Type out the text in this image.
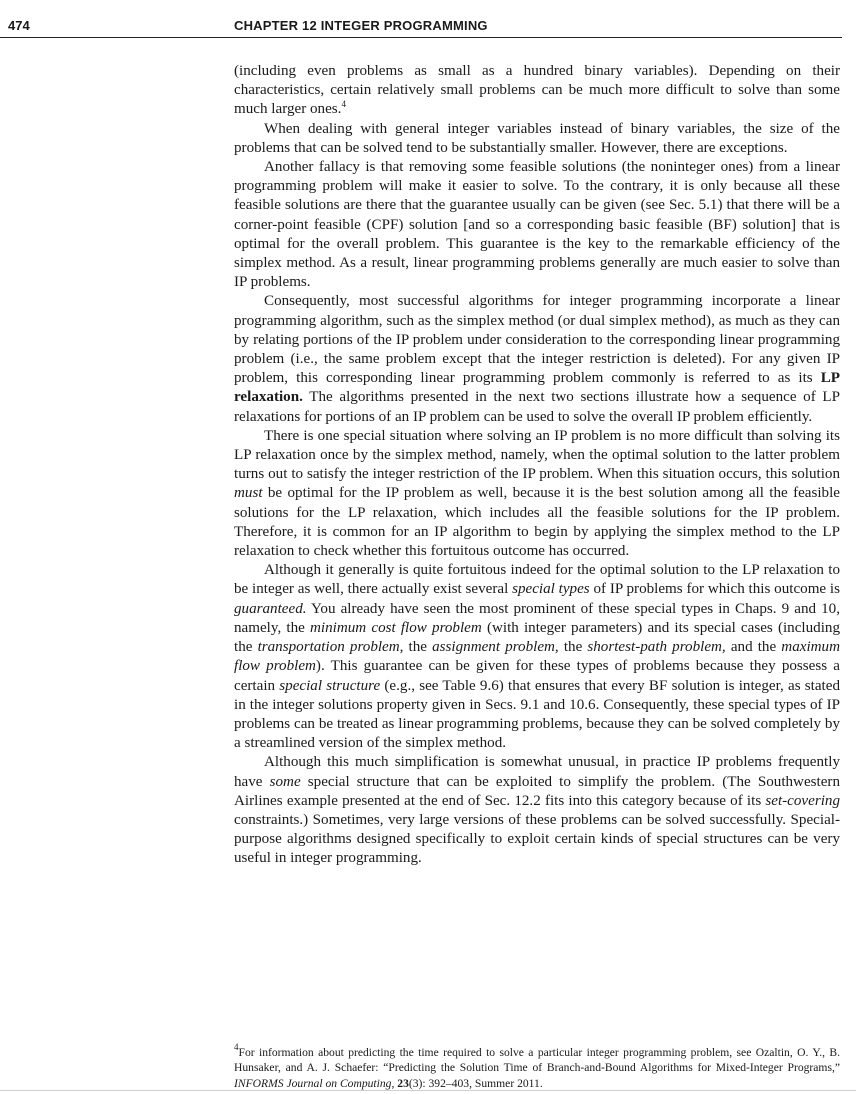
474	CHAPTER 12 INTEGER PROGRAMMING

(including even problems as small as a hundred binary variables). Depending on their characteristics, certain relatively small problems can be much more difficult to solve than some much larger ones.$^4$

When dealing with general integer variables instead of binary variables, the size of the problems that can be solved tend to be substantially smaller. However, there are exceptions.

Another fallacy is that removing some feasible solutions (the noninteger ones) from a linear programming problem will make it easier to solve. To the contrary, it is only because all these feasible solutions are there that the guarantee usually can be given (see Sec. 5.1) that there will be a corner-point feasible (CPF) solution [and so a corresponding basic feasible (BF) solution] that is optimal for the overall problem. This guarantee is the key to the remarkable efficiency of the simplex method. As a result, linear programming problems generally are much easier to solve than IP problems.

Consequently, most successful algorithms for integer programming incorporate a linear programming algorithm, such as the simplex method (or dual simplex method), as much as they can by relating portions of the IP problem under consideration to the corresponding linear programming problem (i.e., the same problem except that the integer restriction is deleted). For any given IP problem, this corresponding linear programming problem commonly is referred to as its LP relaxation. The algorithms presented in the next two sections illustrate how a sequence of LP relaxations for portions of an IP problem can be used to solve the overall IP problem efficiently.

There is one special situation where solving an IP problem is no more difficult than solving its LP relaxation once by the simplex method, namely, when the optimal solution to the latter problem turns out to satisfy the integer restriction of the IP problem. When this situation occurs, this solution must be optimal for the IP problem as well, because it is the best solution among all the feasible solutions for the LP relaxation, which includes all the feasible solutions for the IP problem. Therefore, it is common for an IP algorithm to begin by applying the simplex method to the LP relaxation to check whether this fortuitous outcome has occurred.

Although it generally is quite fortuitous indeed for the optimal solution to the LP relaxation to be integer as well, there actually exist several special types of IP problems for which this outcome is guaranteed. You already have seen the most prominent of these special types in Chaps. 9 and 10, namely, the minimum cost flow problem (with integer parameters) and its special cases (including the transportation problem, the assignment problem, the shortest-path problem, and the maximum flow problem). This guarantee can be given for these types of problems because they possess a certain special structure (e.g., see Table 9.6) that ensures that every BF solution is integer, as stated in the integer solutions property given in Secs. 9.1 and 10.6. Consequently, these special types of IP problems can be treated as linear programming problems, because they can be solved completely by a streamlined version of the simplex method.

Although this much simplification is somewhat unusual, in practice IP problems frequently have some special structure that can be exploited to simplify the problem. (The Southwestern Airlines example presented at the end of Sec. 12.2 fits into this category because of its set-covering constraints.) Sometimes, very large versions of these problems can be solved successfully. Special-purpose algorithms designed specifically to exploit certain kinds of special structures can be very useful in integer programming.

$^4$For information about predicting the time required to solve a particular integer programming problem, see Ozaltin, O. Y., B. Hunsaker, and A. J. Schaefer: “Predicting the Solution Time of Branch-and-Bound Algorithms for Mixed-Integer Programs,” INFORMS Journal on Computing, 23(3): 392–403, Summer 2011.
